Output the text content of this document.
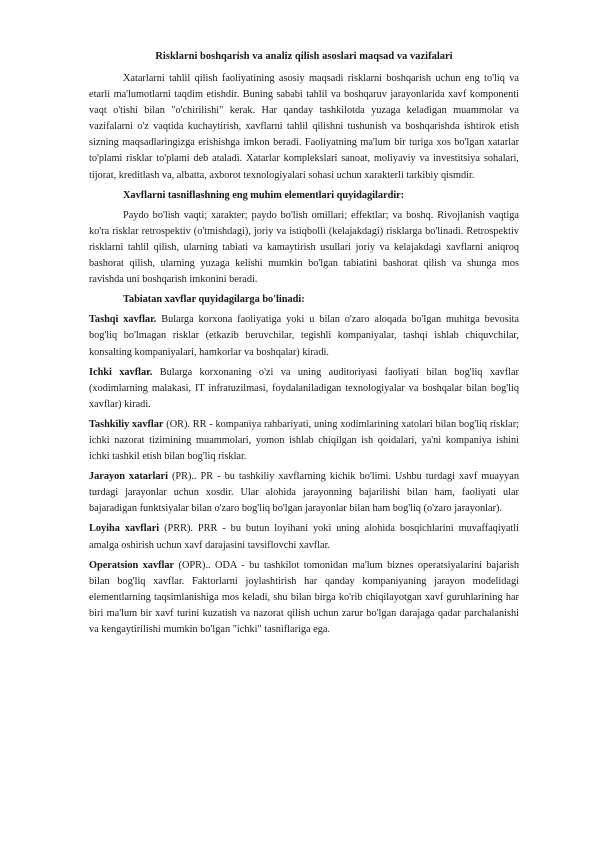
Risklarni boshqarish va analiz qilish asoslari maqsad va vazifalari

Xatarlarni tahlil qilish faoliyatining asosiy maqsadi risklarni boshqarish uchun eng to'liq va etarli ma'lumotlarni taqdim etishdir. Buning sababi tahlil va boshqaruv jarayonlarida xavf komponenti vaqt o'tishi bilan "o'chirilishi" kerak. Har qanday tashkilotda yuzaga keladigan muammolar va vazifalarni o'z vaqtida kuchaytirish, xavflarni tahlil qilishni tushunish va boshqarishda ishtirok etish sizning maqsadlaringizga erishishga imkon beradi. Faoliyatning ma'lum bir turiga xos bo'lgan xatarlar to'plami risklar to'plami deb ataladi. Xatarlar komplekslari sanoat, moliyaviy va investitsiya sohalari, tijorat, kreditlash va, albatta, axborot texnologiyalari sohasi uchun xarakterli tarkibiy qismdir.

Xavflarni tasniflashning eng muhim elementlari quyidagilardir:

Paydo bo'lish vaqti; xarakter; paydo bo'lish omillari; effektlar; va boshq. Rivojlanish vaqtiga ko'ra risklar retrospektiv (o'tmishdagi), joriy va istiqbolli (kelajakdagi) risklarga bo'linadi. Retrospektiv risklarni tahlil qilish, ularning tabiati va kamaytirish usullari joriy va kelajakdagi xavflarni aniqroq bashorat qilish, ularning yuzaga kelishi mumkin bo'lgan tabiatini bashorat qilish va shunga mos ravishda uni boshqarish imkonini beradi.

Tabiatan xavflar quyidagilarga bo'linadi:

Tashqi xavflar. Bularga korxona faoliyatiga yoki u bilan o'zaro aloqada bo'lgan muhitga bevosita bog'liq bo'lmagan risklar (etkazib beruvchilar, tegishli kompaniyalar, tashqi ishlab chiquvchilar, konsalting kompaniyalari, hamkorlar va boshqalar) kiradi.

Ichki xavflar. Bularga korxonaning o'zi va uning auditoriyasi faoliyati bilan bog'liq xavflar (xodimlarning malakasi, IT infratuzilmasi, foydalaniladigan texnologiyalar va boshqalar bilan bog'liq xavflar) kiradi.

Tashkiliy xavflar (OR). RR - kompaniya rahbariyati, uning xodimlarining xatolari bilan bog'liq risklar; ichki nazorat tizimining muammolari, yomon ishlab chiqilgan ish qoidalari, ya'ni kompaniya ishini ichki tashkil etish bilan bog'liq risklar.

Jarayon xatarlari (PR).. PR - bu tashkiliy xavflarning kichik bo'limi. Ushbu turdagi xavf muayyan turdagi jarayonlar uchun xosdir. Ular alohida jarayonning bajarilishi bilan ham, faoliyati ular bajaradigan funktsiyalar bilan o'zaro bog'liq bo'lgan jarayonlar bilan ham bog'liq (o'zaro jarayonlar).

Loyiha xavflari (PRR). PRR - bu butun loyihani yoki uning alohida bosqichlarini muvaffaqiyatli amalga oshirish uchun xavf darajasini tavsiflovchi xavflar.

Operatsion xavflar (OPR).. ODA - bu tashkilot tomonidan ma'lum biznes operatsiyalarini bajarish bilan bog'liq xavflar. Faktorlarni joylashtirish har qanday kompaniyaning jarayon modelidagi elementlarning taqsimlanishiga mos keladi, shu bilan birga ko'rib chiqilayotgan xavf guruhlarining har biri ma'lum bir xavf turini kuzatish va nazorat qilish uchun zarur bo'lgan darajaga qadar parchalanishi va kengaytirilishi mumkin bo'lgan "ichki" tasniflariga ega.
